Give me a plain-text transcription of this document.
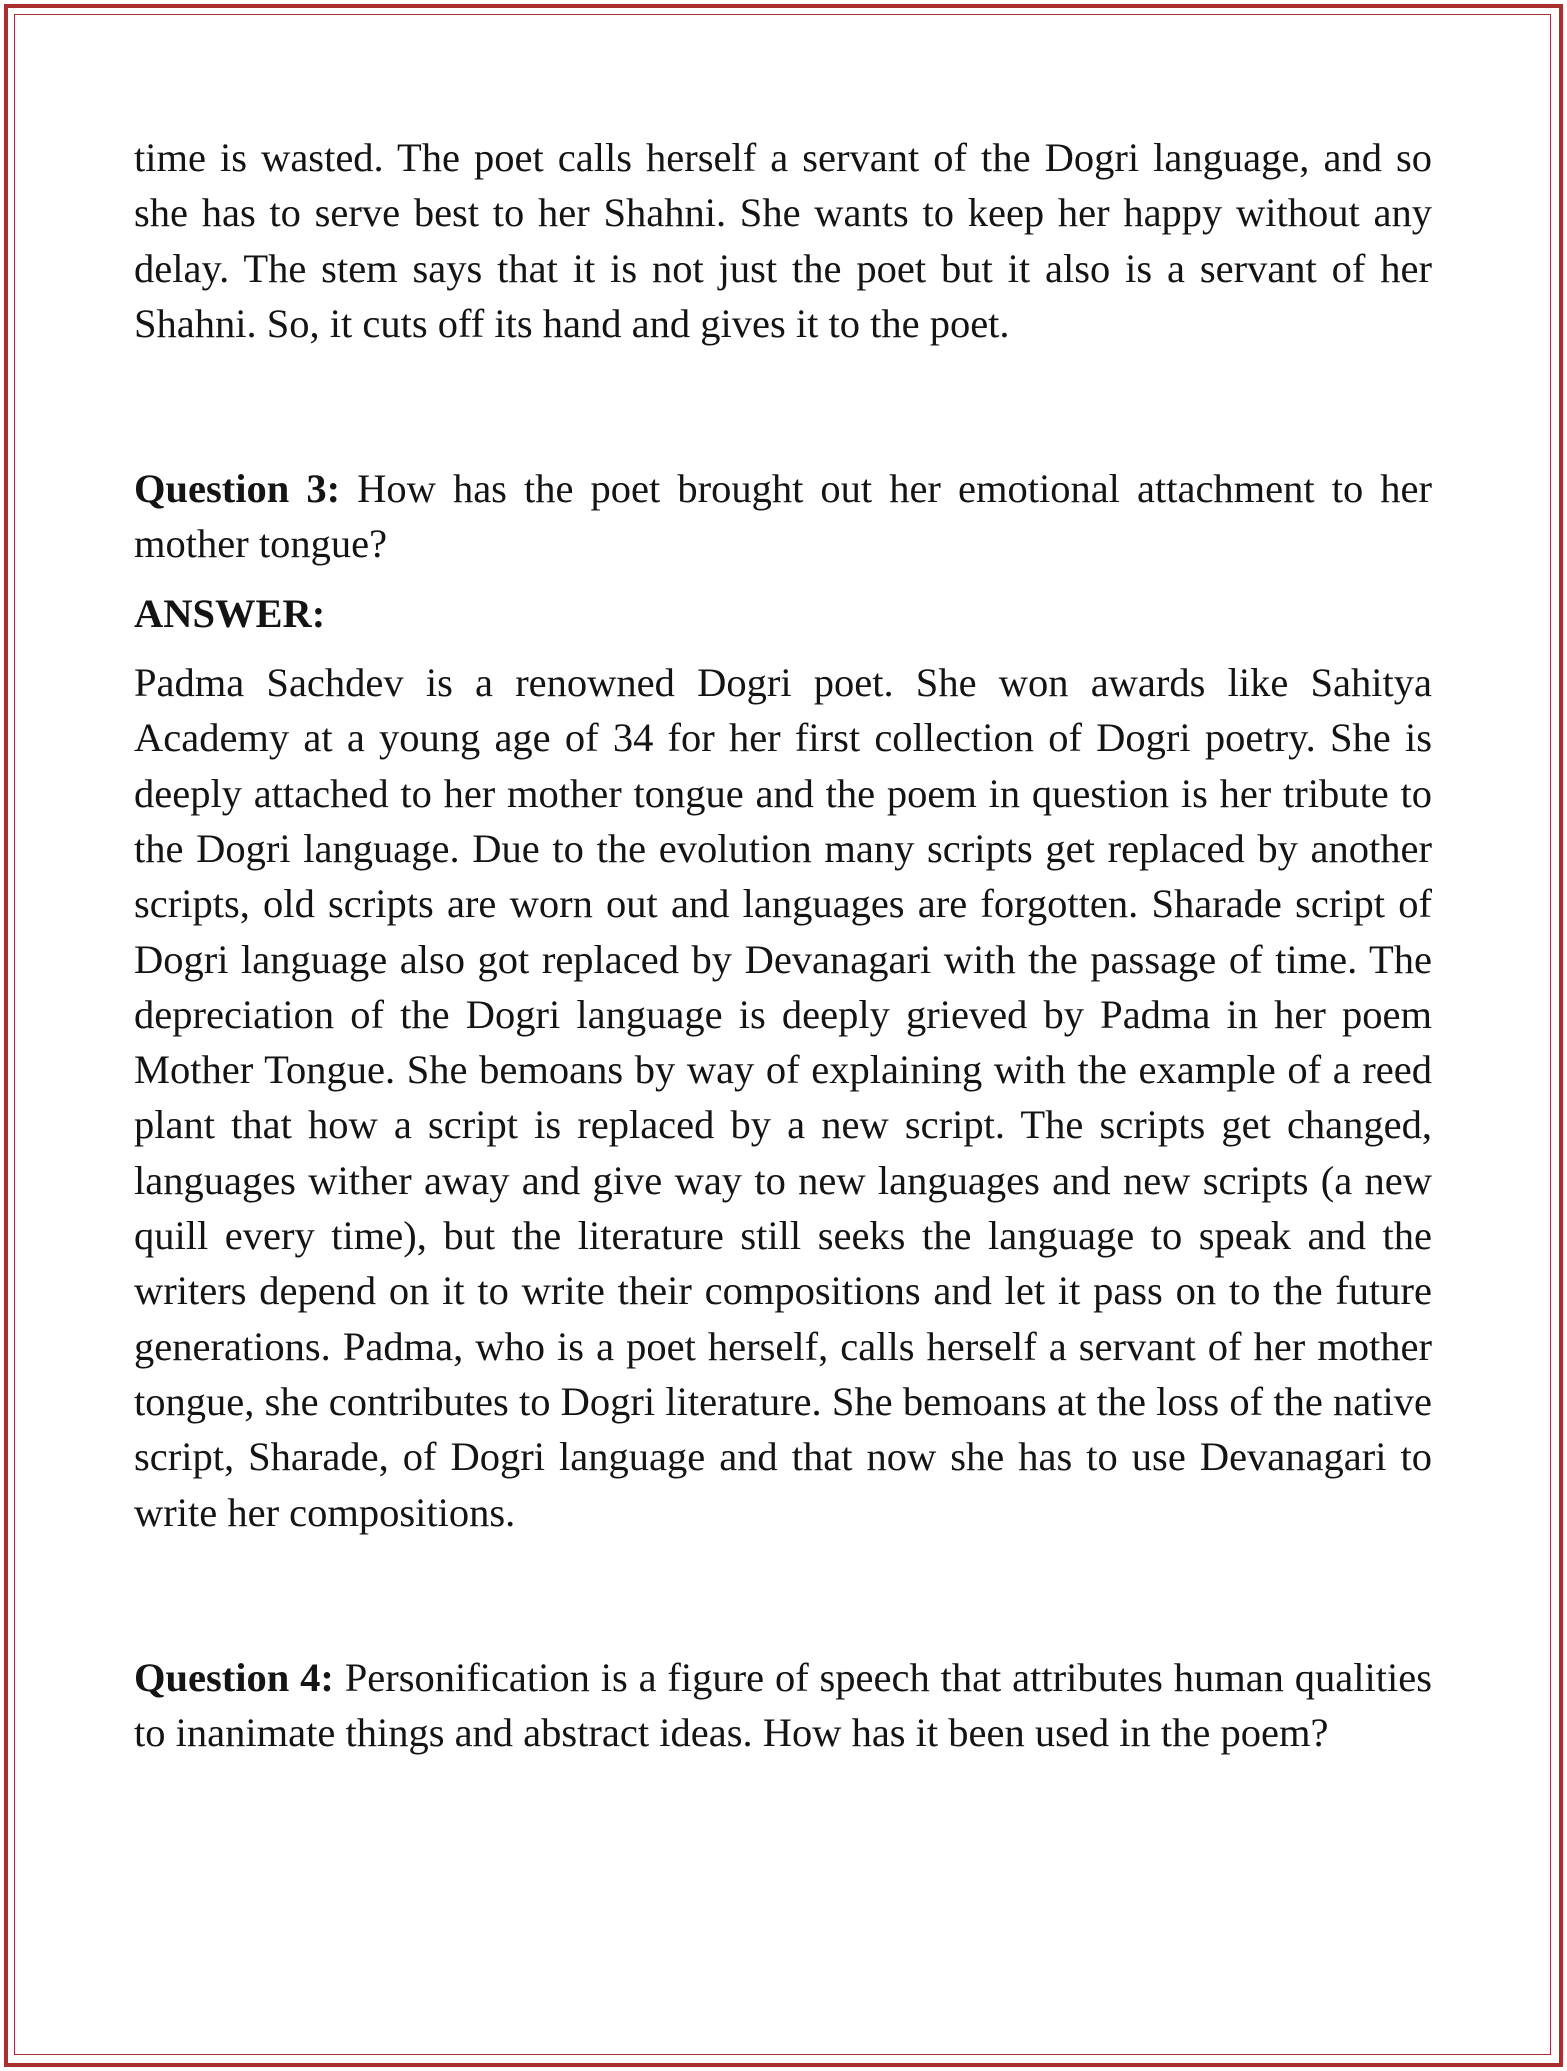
time is wasted. The poet calls herself a servant of the Dogri language, and so she has to serve best to her Shahni. She wants to keep her happy without any delay. The stem says that it is not just the poet but it also is a servant of her Shahni. So, it cuts off its hand and gives it to the poet.

Question 3: How has the poet brought out her emotional attachment to her mother tongue?

ANSWER:

Padma Sachdev is a renowned Dogri poet. She won awards like Sahitya Academy at a young age of 34 for her first collection of Dogri poetry. She is deeply attached to her mother tongue and the poem in question is her tribute to the Dogri language. Due to the evolution many scripts get replaced by another scripts, old scripts are worn out and languages are forgotten. Sharade script of Dogri language also got replaced by Devanagari with the passage of time. The depreciation of the Dogri language is deeply grieved by Padma in her poem Mother Tongue. She bemoans by way of explaining with the example of a reed plant that how a script is replaced by a new script. The scripts get changed, languages wither away and give way to new languages and new scripts (a new quill every time), but the literature still seeks the language to speak and the writers depend on it to write their compositions and let it pass on to the future generations. Padma, who is a poet herself, calls herself a servant of her mother tongue, she contributes to Dogri literature. She bemoans at the loss of the native script, Sharade, of Dogri language and that now she has to use Devanagari to write her compositions.

Question 4: Personification is a figure of speech that attributes human qualities to inanimate things and abstract ideas. How has it been used in the poem?
